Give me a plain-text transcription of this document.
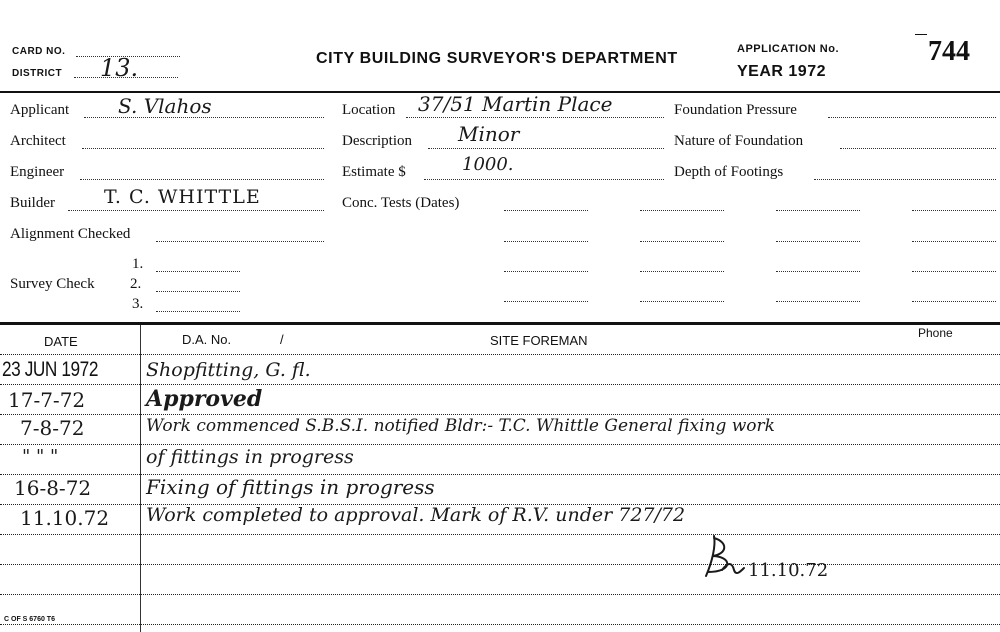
CARD NO.
DISTRICT 13.	CITY BUILDING SURVEYOR'S DEPARTMENT
APPLICATION No.	744
YEAR 1972
Applicant S. Vlahos
Architect
Engineer
Builder	T. C. WHITTLE
Alignment Checked
Survey Check
1.
2.
3.
Location 37/51 Martin Place
Description Minor
Estimate $	1000.
Conc. Tests (Dates)
Foundation Pressure
Nature of Foundation
Depth of Footings
DATE	D.A. No.	/	SITE FOREMAN	Phone
23 JUN 1972	Shopfitting, G. fl.
17-7-72	Approved
7-8-72	Work commenced S.B.S.I. notified Bldr:- T.C. Whittle General fixing work
" " "	of fittings in progress
16-8-72	Fixing of fittings in progress
11.10.72 Work completed to approval. Mark of R.V. under 727/72
11.10.72
C OF S 6760 T6
